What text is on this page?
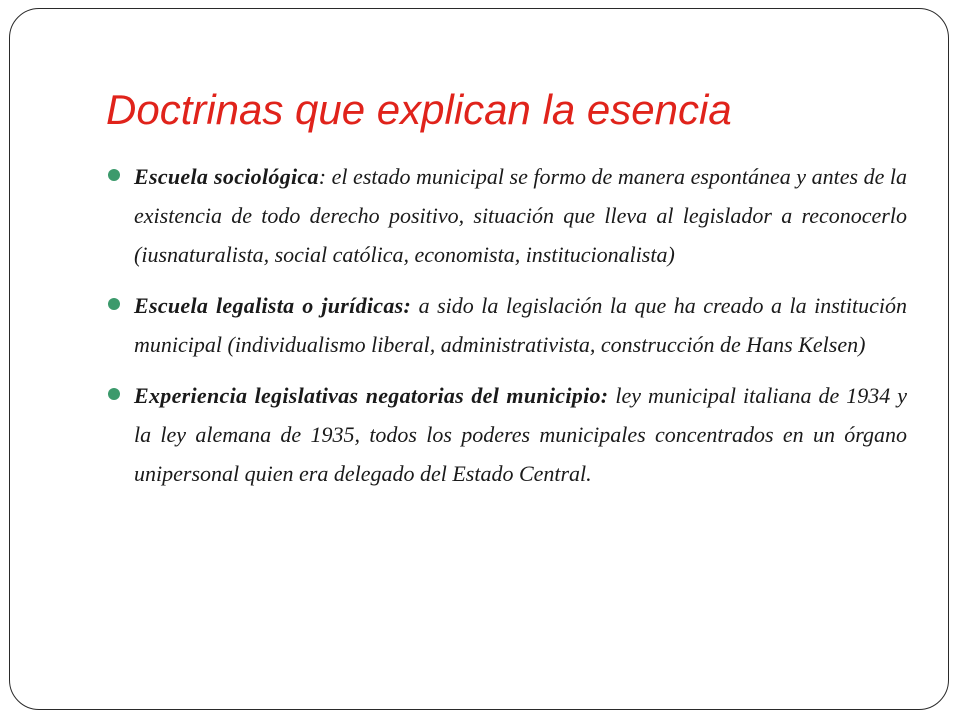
Doctrinas que explican la esencia
Escuela sociológica: el estado municipal se formo de manera espontánea y antes de la existencia de todo derecho positivo, situación que lleva al legislador a reconocerlo (iusnaturalista, social católica, economista, institucionalista)
Escuela legalista o jurídicas: a sido la legislación la que ha creado a la institución municipal (individualismo liberal, administrativista, construcción de Hans Kelsen)
Experiencia legislativas negatorias del municipio: ley municipal italiana de 1934 y la ley alemana de 1935, todos los poderes municipales concentrados en un órgano unipersonal quien era delegado del Estado Central.
